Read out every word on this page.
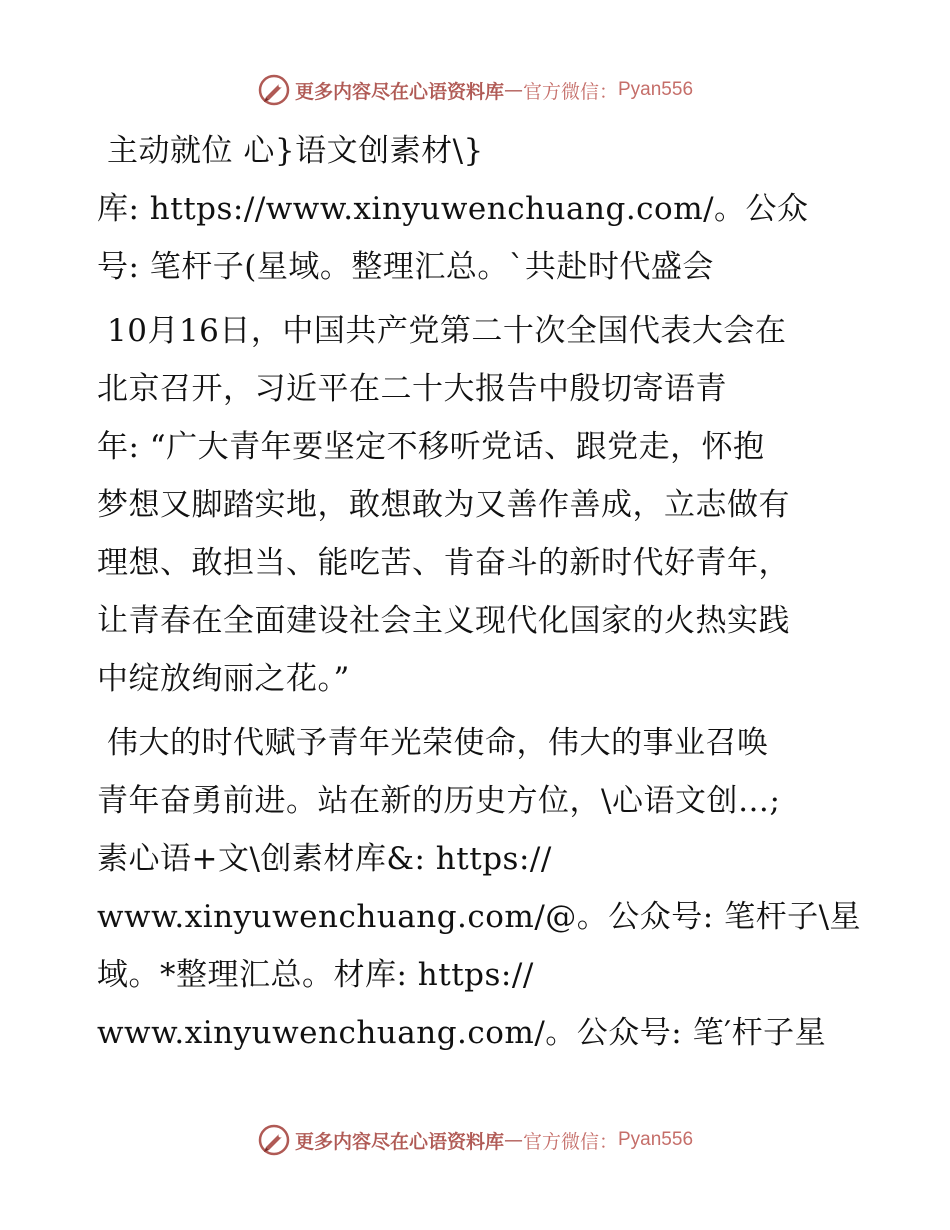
更多内容尽在心语资料库 — 官方微信： Pyan556
主动就位 心}语文创素材\}
库: https://www.xinyuwenchuang.com/。公众
号: 笔杆子(星域。整理汇总。`共赴时代盛会
10月16日，中国共产党第二十次全国代表大会在
北京召开，习近平在二十大报告中殷切寄语青
年: “广大青年要坚定不移听党话、跟党走，怀抱
梦想又脚踏实地，敢想敢为又善作善成，立志做有
理想、敢担当、能吃苦、肯奋斗的新时代好青年，
让青春在全面建设社会主义现代化国家的火热实践
中绽放绚丽之花。”
伟大的时代赋予青年光荣使命，伟大的事业召唤
青年奋勇前进。站在新的历史方位，\心语文创…;
素心语+文\创素材库&: https://
www.xinyuwenchuang.com/@。公众号: 笔杆子\星
域。*整理汇总。材库: https://
www.xinyuwenchuang.com/。公众号: 笔′杆子星
更多内容尽在心语资料库 — 官方微信： Pyan556
